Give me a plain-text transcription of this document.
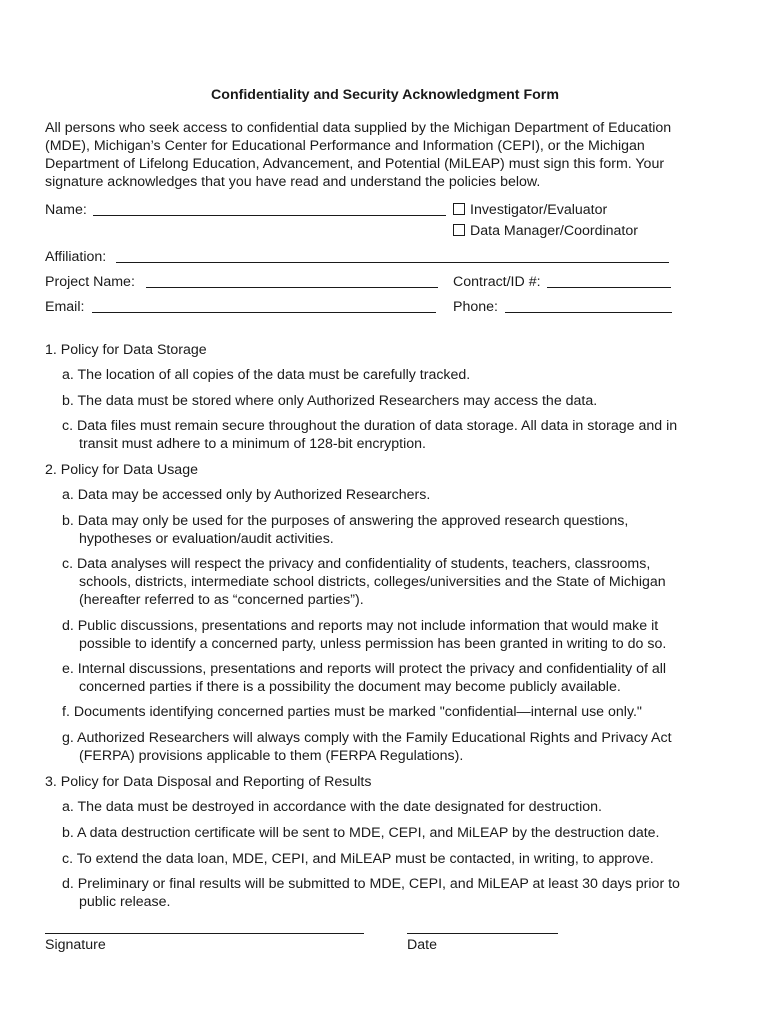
Confidentiality and Security Acknowledgment Form
All persons who seek access to confidential data supplied by the Michigan Department of Education
(MDE), Michigan’s Center for Educational Performance and Information (CEPI), or the Michigan
Department of Lifelong Education, Advancement, and Potential (MiLEAP) must sign this form. Your
signature acknowledges that you have read and understand the policies below.
Name:	Investigator/Evaluator
Data Manager/Coordinator
Affiliation:
Project Name:	Contract/ID #:
Email:	Phone:
1. Policy for Data Storage
a. The location of all copies of the data must be carefully tracked.
b. The data must be stored where only Authorized Researchers may access the data.
c. Data files must remain secure throughout the duration of data storage. All data in storage and in
transit must adhere to a minimum of 128-bit encryption.
2. Policy for Data Usage
a. Data may be accessed only by Authorized Researchers.
b. Data may only be used for the purposes of answering the approved research questions,
hypotheses or evaluation/audit activities.
c. Data analyses will respect the privacy and confidentiality of students, teachers, classrooms,
schools, districts, intermediate school districts, colleges/universities and the State of Michigan
(hereafter referred to as “concerned parties”).
d. Public discussions, presentations and reports may not include information that would make it
possible to identify a concerned party, unless permission has been granted in writing to do so.
e. Internal discussions, presentations and reports will protect the privacy and confidentiality of all
concerned parties if there is a possibility the document may become publicly available.
f. Documents identifying concerned parties must be marked "confidential—internal use only."
g. Authorized Researchers will always comply with the Family Educational Rights and Privacy Act
(FERPA) provisions applicable to them (FERPA Regulations).
3. Policy for Data Disposal and Reporting of Results
a. The data must be destroyed in accordance with the date designated for destruction.
b. A data destruction certificate will be sent to MDE, CEPI, and MiLEAP by the destruction date.
c. To extend the data loan, MDE, CEPI, and MiLEAP must be contacted, in writing, to approve.
d. Preliminary or final results will be submitted to MDE, CEPI, and MiLEAP at least 30 days prior to
public release.
Signature	Date
